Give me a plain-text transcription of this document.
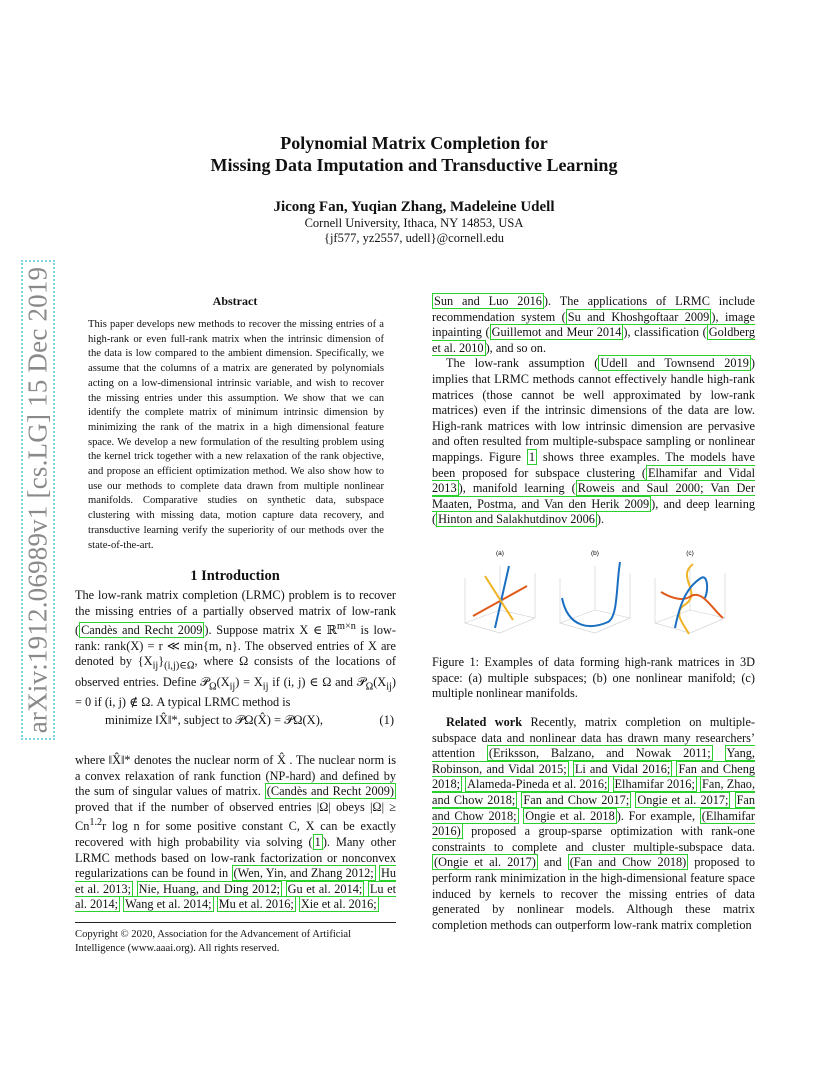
arXiv:1912.06989v1 [cs.LG] 15 Dec 2019
Polynomial Matrix Completion for
Missing Data Imputation and Transductive Learning
Jicong Fan, Yuqian Zhang, Madeleine Udell
Cornell University, Ithaca, NY 14853, USA
{jf577, yz2557, udell}@cornell.edu
Abstract
This paper develops new methods to recover the missing entries of a high-rank or even full-rank matrix when the intrinsic dimension of the data is low compared to the ambient dimension. Specifically, we assume that the columns of a matrix are generated by polynomials acting on a low-dimensional intrinsic variable, and wish to recover the missing entries under this assumption. We show that we can identify the complete matrix of minimum intrinsic dimension by minimizing the rank of the matrix in a high dimensional feature space. We develop a new formulation of the resulting problem using the kernel trick together with a new relaxation of the rank objective, and propose an efficient optimization method. We also show how to use our methods to complete data drawn from multiple nonlinear manifolds. Comparative studies on synthetic data, subspace clustering with missing data, motion capture data recovery, and transductive learning verify the superiority of our methods over the state-of-the-art.
1 Introduction
The low-rank matrix completion (LRMC) problem is to recover the missing entries of a partially observed matrix of low-rank ( Candès and Recht 2009 ). Suppose matrix X ∈ ℝ$^{m\times n}$ is low-rank: rank(X) = r ≪ min{m, n}. The observed entries of X are denoted by $\{X_{ij}\}_{(i,j)\in\Omega}$, where Ω consists of the locations of observed entries. Define $𝒫_\Omega(X_{ij}) = X_{ij}$ if (i, j) ∈ Ω and $𝒫_\Omega(X_{ij}) = 0$ if (i, j) ∉ Ω. A typical LRMC method is
minimize ‖X̂‖*, subject to 𝒫Ω(X̂) = 𝒫Ω(X),	(1)
where ‖X̂‖* denotes the nuclear norm of X̂ . The nuclear norm is a convex relaxation of rank function (NP-hard) and defined by the sum of singular values of matrix. (Candès and Recht 2009) proved that if the number of observed entries |Ω| obeys $|\Omega| \ge Cn^{1.2}r$ log n for some positive constant C, X can be exactly recovered with high probability via solving ( 1 ). Many other LRMC methods based on low-rank factorization or nonconvex regularizations can be found in (Wen, Yin, and Zhang 2012; Hu et al. 2013; Nie, Huang, and Ding 2012; Gu et al. 2014; Lu et al. 2014; Wang et al. 2014; Mu et al. 2016; Xie et al. 2016;
Copyright © 2020, Association for the Advancement of Artificial Intelligence (www.aaai.org). All rights reserved.
Sun and Luo 2016 ). The applications of LRMC include recommendation system ( Su and Khoshgoftaar 2009 ), image inpainting ( Guillemot and Meur 2014 ), classification ( Goldberg et al. 2010 ), and so on.
The low-rank assumption ( Udell and Townsend 2019 ) implies that LRMC methods cannot effectively handle high-rank matrices (those cannot be well approximated by low-rank matrices) even if the intrinsic dimensions of the data are low. High-rank matrices with low intrinsic dimension are pervasive and often resulted from multiple-subspace sampling or nonlinear mappings. Figure 1 shows three examples. The models have been proposed for subspace clustering ( Elhamifar and Vidal 2013 ), manifold learning ( Roweis and Saul 2000; Van Der Maaten, Postma, and Van den Herik 2009 ), and deep learning ( Hinton and Salakhutdinov 2006 ).
(a)	(b)	(c)
Figure 1: Examples of data forming high-rank matrices in 3D space: (a) multiple subspaces; (b) one nonlinear manifold; (c) multiple nonlinear manifolds.
Related work Recently, matrix completion on multiple-subspace data and nonlinear data has drawn many researchers’ attention (Eriksson, Balzano, and Nowak 2011; Yang, Robinson, and Vidal 2015; Li and Vidal 2016; Fan and Cheng 2018; Alameda-Pineda et al. 2016; Elhamifar 2016; Fan, Zhao, and Chow 2018; Fan and Chow 2017; Ongie et al. 2017; Fan and Chow 2018; Ongie et al. 2018 ). For example, (Elhamifar 2016) proposed a group-sparse optimization with rank-one constraints to complete and cluster multiple-subspace data. (Ongie et al. 2017) and (Fan and Chow 2018) proposed to perform rank minimization in the high-dimensional feature space induced by kernels to recover the missing entries of data generated by nonlinear models. Although these matrix completion methods can outperform low-rank matrix completion
